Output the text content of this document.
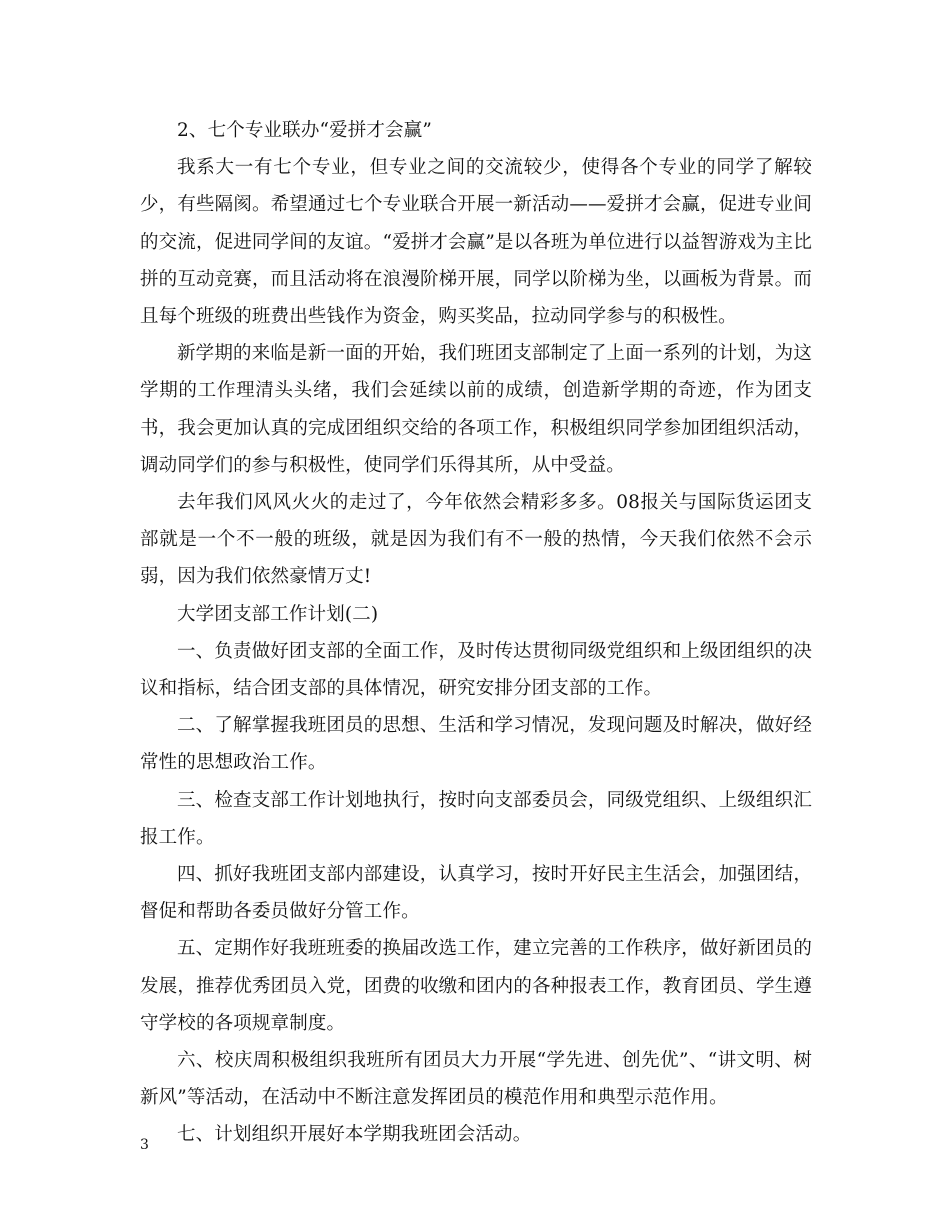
2、七个专业联办“爱拼才会赢”

我系大一有七个专业，但专业之间的交流较少，使得各个专业的同学了解较少，有些隔阂。希望通过七个专业联合开展一新活动——爱拼才会赢，促进专业间的交流，促进同学间的友谊。“爱拼才会赢”是以各班为单位进行以益智游戏为主比拼的互动竞赛，而且活动将在浪漫阶梯开展，同学以阶梯为坐，以画板为背景。而且每个班级的班费出些钱作为资金，购买奖品，拉动同学参与的积极性。

新学期的来临是新一面的开始，我们班团支部制定了上面一系列的计划，为这学期的工作理清头头绪，我们会延续以前的成绩，创造新学期的奇迹，作为团支书，我会更加认真的完成团组织交给的各项工作，积极组织同学参加团组织活动，调动同学们的参与积极性，使同学们乐得其所，从中受益。

去年我们风风火火的走过了，今年依然会精彩多多。08报关与国际货运团支部就是一个不一般的班级，就是因为我们有不一般的热情，今天我们依然不会示弱，因为我们依然豪情万丈!

大学团支部工作计划(二)

一、负责做好团支部的全面工作，及时传达贯彻同级党组织和上级团组织的决议和指标，结合团支部的具体情况，研究安排分团支部的工作。

二、了解掌握我班团员的思想、生活和学习情况，发现问题及时解决，做好经常性的思想政治工作。

三、检查支部工作计划地执行，按时向支部委员会，同级党组织、上级组织汇报工作。

四、抓好我班团支部内部建设，认真学习，按时开好民主生活会，加强团结，督促和帮助各委员做好分管工作。

五、定期作好我班班委的换届改选工作，建立完善的工作秩序，做好新团员的发展，推荐优秀团员入党，团费的收缴和团内的各种报表工作，教育团员、学生遵守学校的各项规章制度。

六、校庆周积极组织我班所有团员大力开展“学先进、创先优”、“讲文明、树新风”等活动，在活动中不断注意发挥团员的模范作用和典型示范作用。

七、计划组织开展好本学期我班团会活动。

3
